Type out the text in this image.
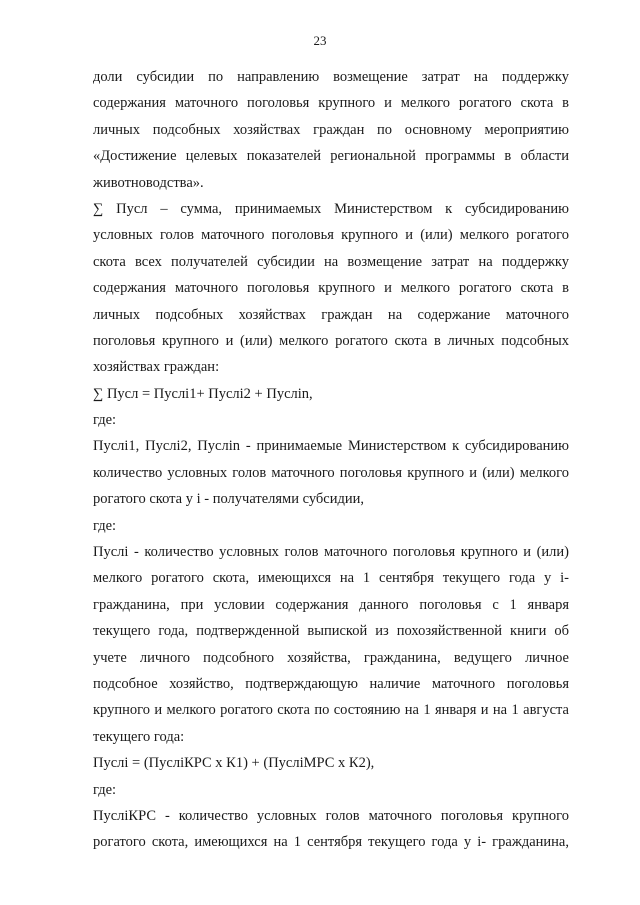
23
доли субсидии по направлению возмещение затрат на поддержку
содержания маточного поголовья крупного и мелкого рогатого скота в
личных подсобных хозяйствах граждан по основному мероприятию
«Достижение целевых показателей региональной программы в области
животноводства».
∑ Пусл – сумма, принимаемых Министерством к субсидированию
условных голов маточного поголовья крупного и (или) мелкого рогатого
скота всех получателей субсидии на возмещение затрат на поддержку
содержания маточного поголовья крупного и мелкого рогатого скота в
личных подсобных хозяйствах граждан на содержание маточного
поголовья крупного и (или) мелкого рогатого скота в личных подсобных
хозяйствах граждан:
∑ Пусл = Пуслi1+ Пуслi2 + Пуслin,
где:
Пуслi1, Пуслi2, Пуслin - принимаемые Министерством к субсидированию
количество условных голов маточного поголовья крупного и (или) мелкого
рогатого скота у i - получателями субсидии,
где:
Пуслi - количество условных голов маточного поголовья крупного и (или)
мелкого рогатого скота, имеющихся на 1 сентября текущего года у i-
гражданина, при условии содержания данного поголовья с 1 января
текущего года, подтвержденной выпиской из похозяйственной книги об
учете личного подсобного хозяйства, гражданина, ведущего личное
подсобное хозяйство, подтверждающую наличие маточного поголовья
крупного и мелкого рогатого скота по состоянию на 1 января и на 1 августа
текущего года:
Пуслi = (ПуслiКРС х К1) + (ПуслiМРС х К2),
где:
ПуслiКРС - количество условных голов маточного поголовья крупного
рогатого скота, имеющихся на 1 сентября текущего года у i- гражданина,
